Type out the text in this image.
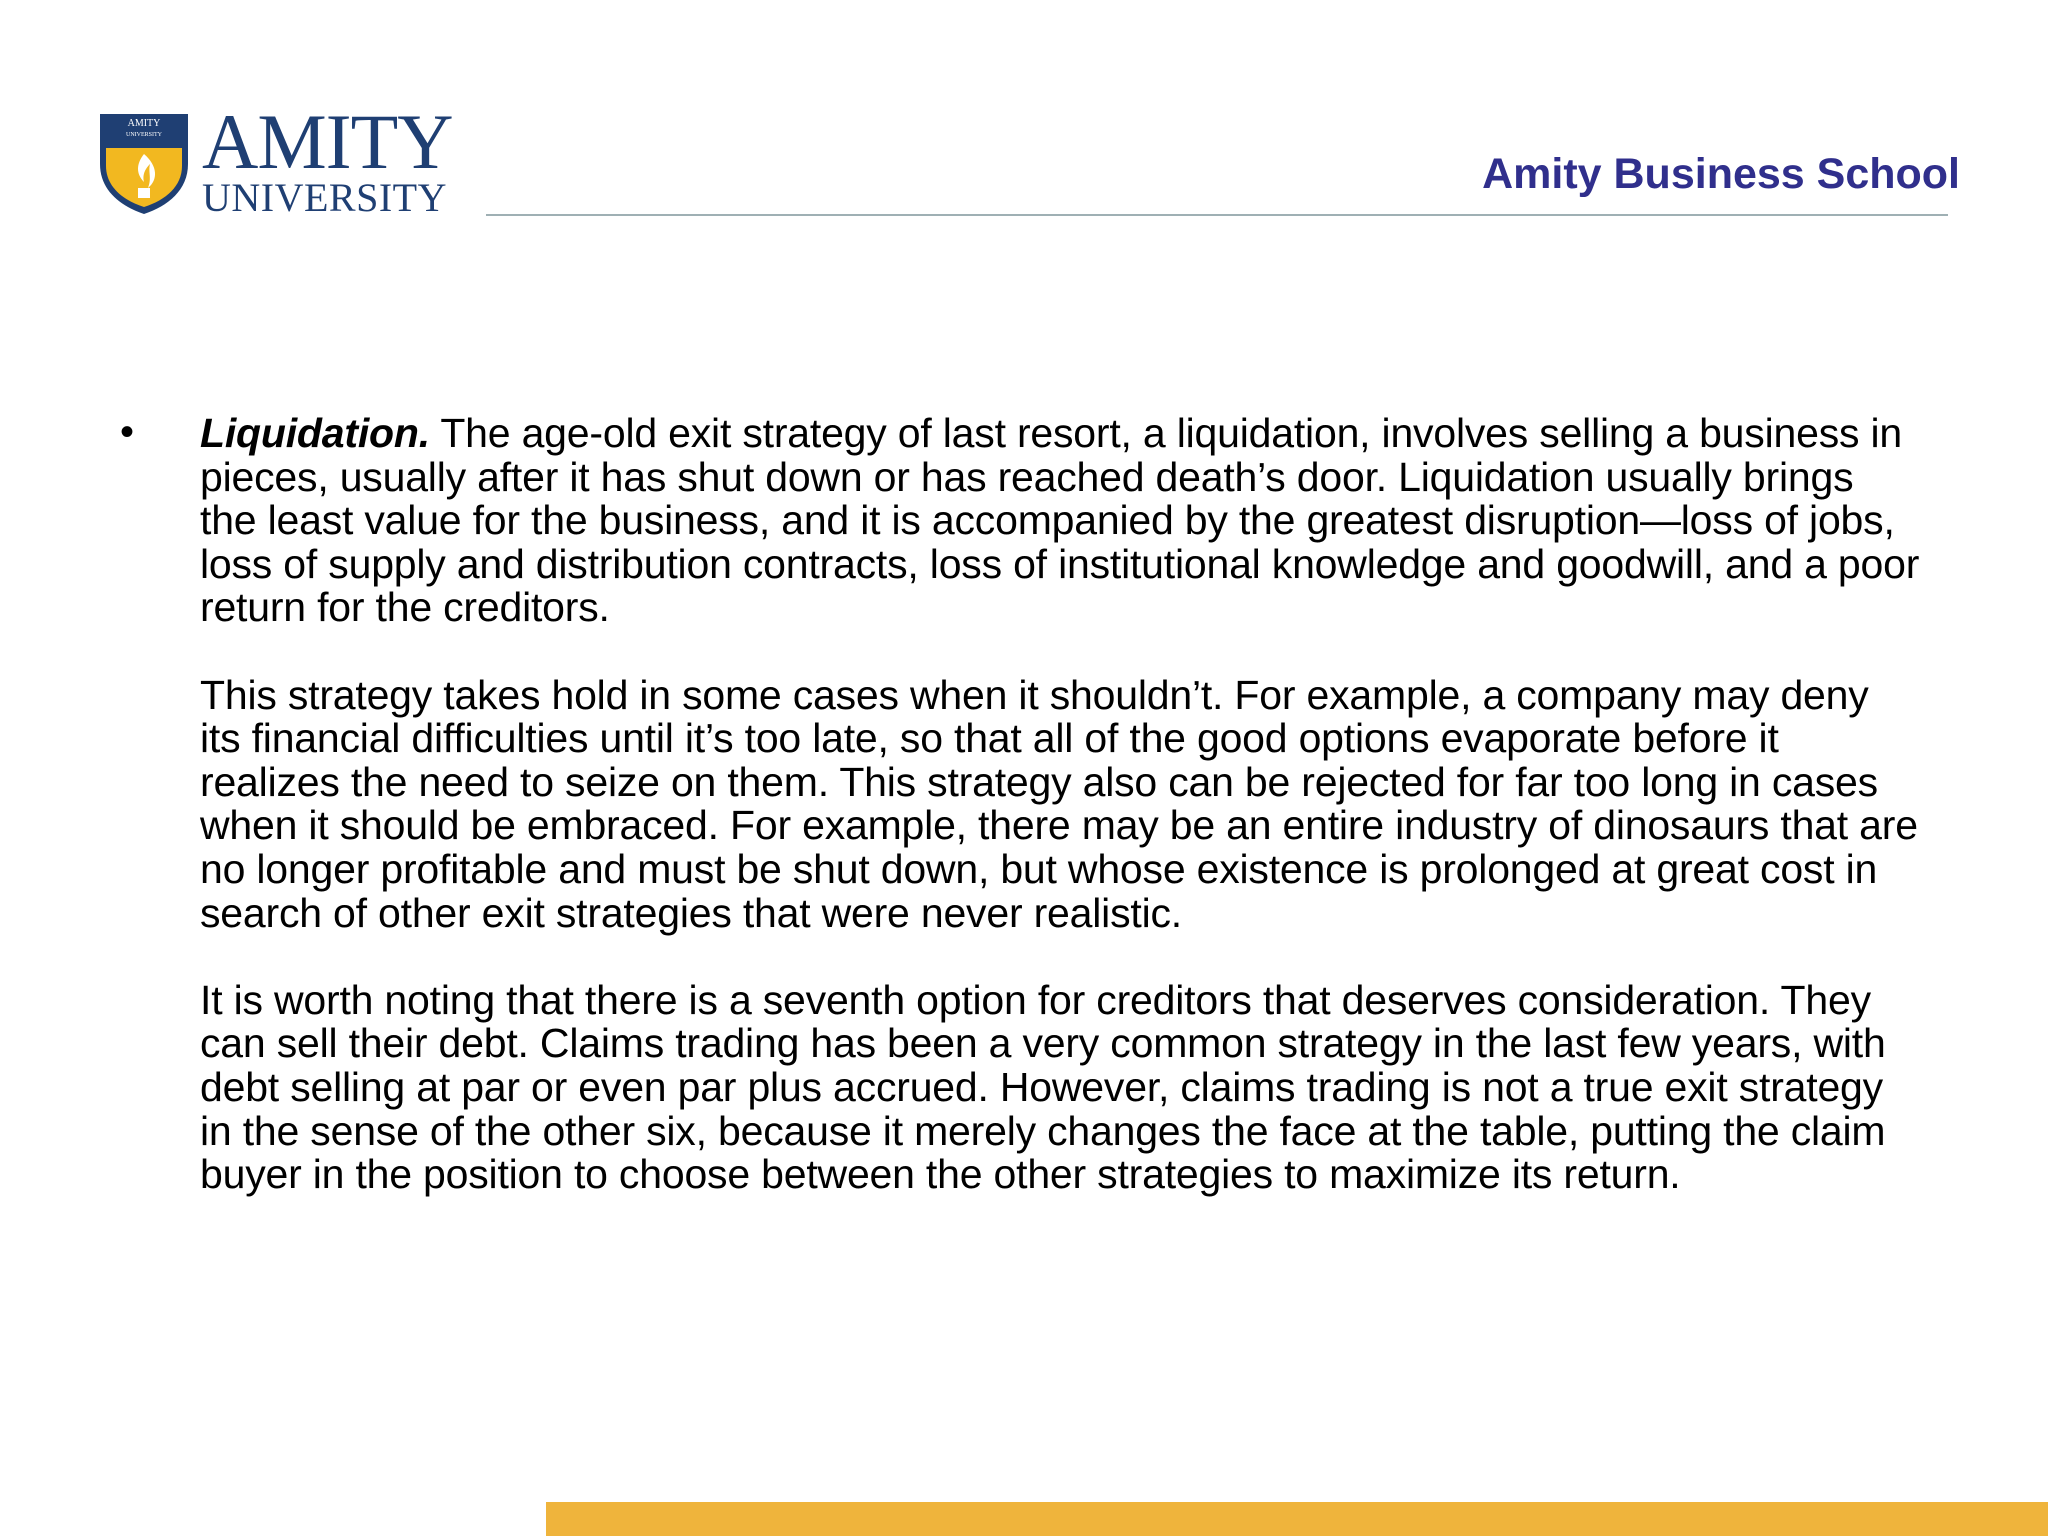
AMITY
UNIVERSITY AMITY
UNIVERSITY	Amity Business School
• Liquidation. The age-old exit strategy of last resort, a liquidation, involves selling a business in pieces, usually after it has shut down or has reached death’s door. Liquidation usually brings the least value for the business, and it is accompanied by the greatest disruption—loss of jobs, loss of supply and distribution contracts, loss of institutional knowledge and goodwill, and a poor return for the creditors.

This strategy takes hold in some cases when it shouldn’t. For example, a company may deny its financial difficulties until it’s too late, so that all of the good options evaporate before it realizes the need to seize on them. This strategy also can be rejected for far too long in cases when it should be embraced. For example, there may be an entire industry of dinosaurs that are no longer profitable and must be shut down, but whose existence is prolonged at great cost in search of other exit strategies that were never realistic.

It is worth noting that there is a seventh option for creditors that deserves consideration. They can sell their debt. Claims trading has been a very common strategy in the last few years, with debt selling at par or even par plus accrued. However, claims trading is not a true exit strategy in the sense of the other six, because it merely changes the face at the table, putting the claim buyer in the position to choose between the other strategies to maximize its return.
